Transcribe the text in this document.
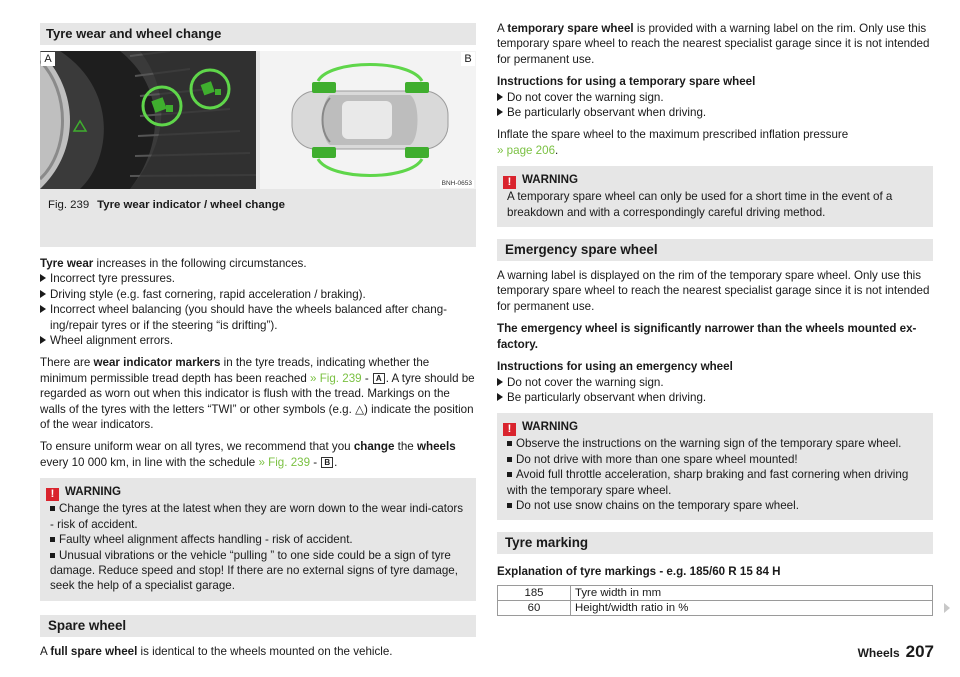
Tyre wear and wheel change
A	B
BNH-0653
Fig. 239 Tyre wear indicator / wheel change

Tyre wear increases in the following circumstances.

Incorrect tyre pressures.
Driving style (e.g. fast cornering, rapid acceleration / braking).
Incorrect wheel balancing (you should have the wheels balanced after chang-ing/repair tyres or if the steering “is drifting”).
Wheel alignment errors.

There are wear indicator markers in the tyre treads, indicating whether the minimum permissible tread depth has been reached » Fig. 239 - A . A tyre should be regarded as worn out when this indicator is flush with the tread. Markings on the walls of the tyres with the letters “TWI” or other symbols (e.g. △) indicate the position of the wear indicators.

To ensure uniform wear on all tyres, we recommend that you change the wheels every 10 000 km, in line with the schedule » Fig. 239 - B .

! WARNING
Change the tyres at the latest when they are worn down to the wear indi-cators - risk of accident.
Faulty wheel alignment affects handling - risk of accident.
Unusual vibrations or the vehicle “pulling ” to one side could be a sign of tyre damage. Reduce speed and stop! If there are no external signs of tyre damage, seek the help of a specialist garage.
Spare wheel

A full spare wheel is identical to the wheels mounted on the vehicle.

A temporary spare wheel is provided with a warning label on the rim. Only use this temporary spare wheel to reach the nearest specialist garage since it is not intended for permanent use.

Instructions for using a temporary spare wheel

Do not cover the warning sign.
Be particularly observant when driving.

Inflate the spare wheel to the maximum prescribed inflation pressure
» page 206.

! WARNING
A temporary spare wheel can only be used for a short time in the event of a breakdown and with a correspondingly careful driving method.
Emergency spare wheel

A warning label is displayed on the rim of the temporary spare wheel. Only use this temporary spare wheel to reach the nearest specialist garage since it is not intended for permanent use.

The emergency wheel is significantly narrower than the wheels mounted ex-factory.

Instructions for using an emergency wheel

Do not cover the warning sign.
Be particularly observant when driving.
! WARNING
Observe the instructions on the warning sign of the temporary spare wheel.
Do not drive with more than one spare wheel mounted!
Avoid full throttle acceleration, sharp braking and fast cornering when driving with the temporary spare wheel.
Do not use snow chains on the temporary spare wheel.
Tyre marking

Explanation of tyre markings - e.g. 185/60 R 15 84 H

185	Tyre width in mm
60	Height/width ratio in %
Wheels 207
